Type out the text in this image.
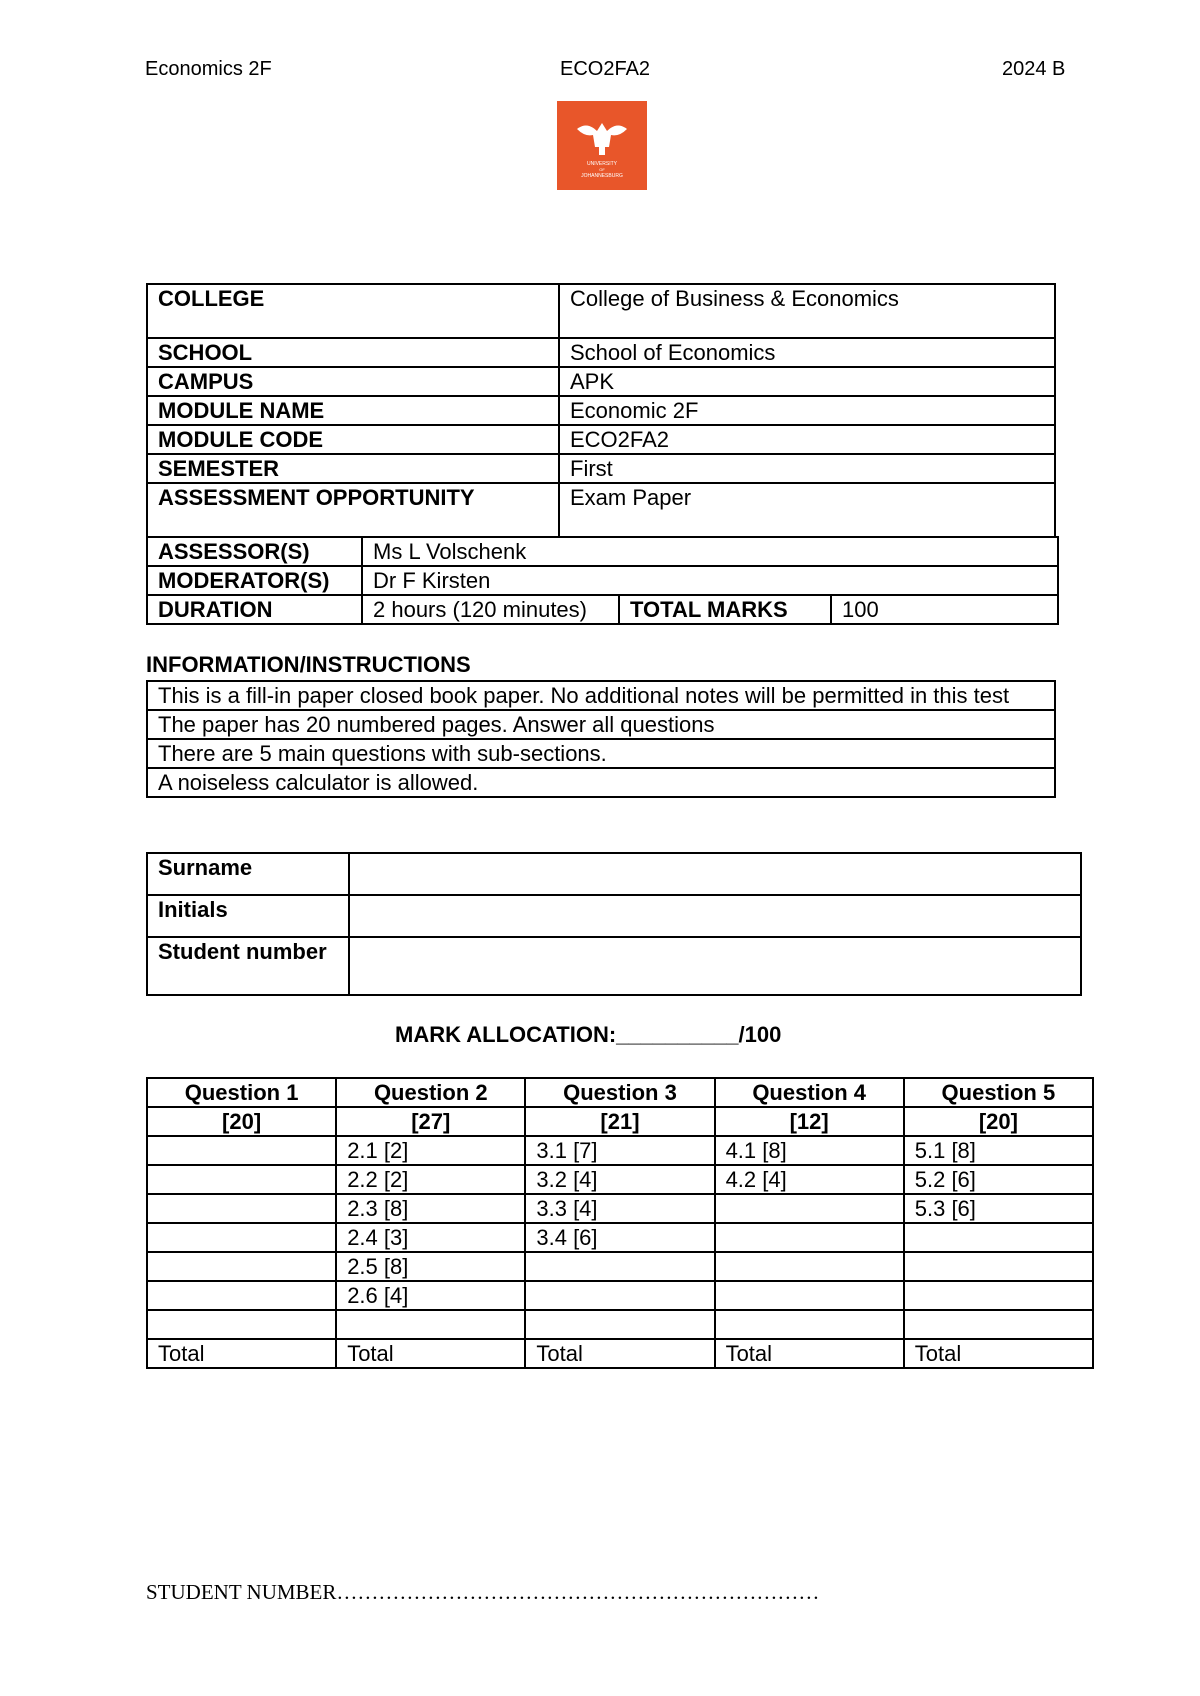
Economics 2F	ECO2FA2	2024 B
UNIVERSITY
OF
JOHANNESBURG
COLLEGE	College of Business & Economics
SCHOOL	School of Economics
CAMPUS	APK
MODULE NAME	Economic 2F
MODULE CODE	ECO2FA2
SEMESTER	First
ASSESSMENT OPPORTUNITY	Exam Paper
ASSESSOR(S)	Ms L Volschenk		
MODERATOR(S)	Dr F Kirsten		
DURATION	2 hours (120 minutes)	TOTAL MARKS	100
INFORMATION/INSTRUCTIONS
This is a fill-in paper closed book paper. No additional notes will be permitted in this test
The paper has 20 numbered pages. Answer all questions
There are 5 main questions with sub-sections.
A noiseless calculator is allowed.
Surname	
Initials	
Student number	
MARK ALLOCATION:__________/100
Question 1	Question 2	Question 3	Question 4	Question 5
[20]	[27]	[21]	[12]	[20]
	2.1 [2]	3.1 [7]	4.1 [8]	5.1 [8]
	2.2 [2]	3.2 [4]	4.2 [4]	5.2 [6]
	2.3 [8]	3.3 [4]		5.3 [6]
	2.4 [3]	3.4 [6]		
	2.5 [8]			
	2.6 [4]			

Total	Total	Total	Total	Total
STUDENT NUMBER……………………………………………………………
